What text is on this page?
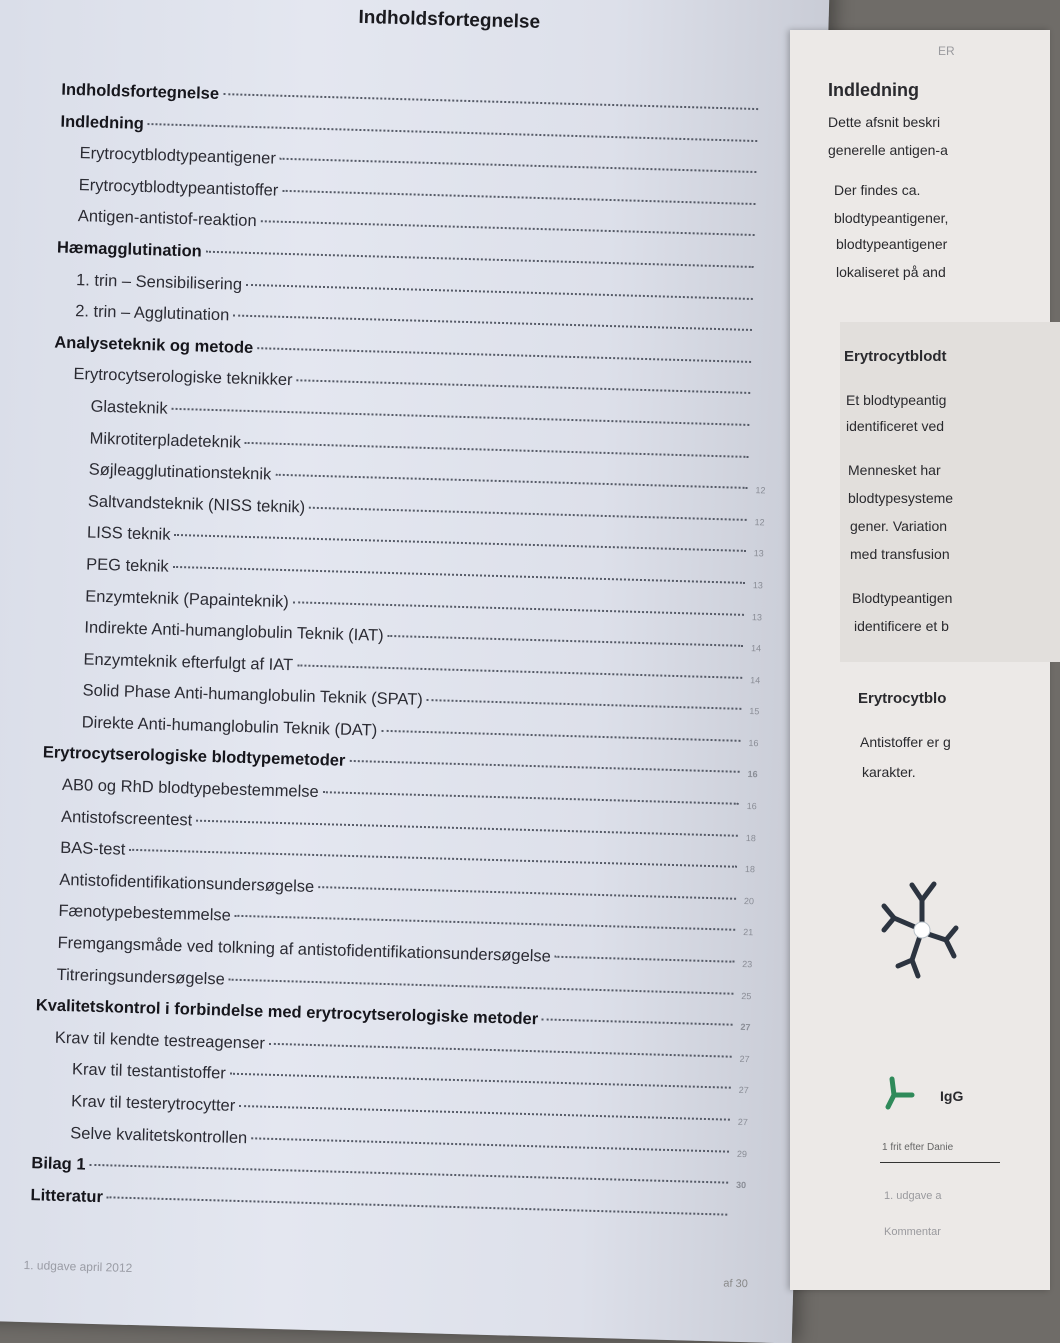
Indholdsfortegnelse
Indholdsfortegnelse
Indledning
Erytrocytblodtypeantigener
Erytrocytblodtypeantistoffer
Antigen-antistof-reaktion
Hæmagglutination
1. trin – Sensibilisering
2. trin – Agglutination
Analyseteknik og metode
Erytrocytserologiske teknikker
Glasteknik
Mikrotiterpladeteknik
Søjleagglutinationsteknik
12
Saltvandsteknik (NISS teknik)
12
LISS teknik
13
PEG teknik
13
Enzymteknik (Papainteknik)
13
Indirekte Anti-humanglobulin Teknik (IAT)
14
Enzymteknik efterfulgt af IAT
14
Solid Phase Anti-humanglobulin Teknik (SPAT)
15
Direkte Anti-humanglobulin Teknik (DAT)
16
Erytrocytserologiske blodtypemetoder
16
AB0 og RhD blodtypebestemmelse
16
Antistofscreentest
18
BAS-test
18
Antistofidentifikationsundersøgelse
20
Fænotypebestemmelse
21
Fremgangsmåde ved tolkning af antistofidentifikationsundersøgelse	23
Titreringsundersøgelse
25
Kvalitetskontrol i forbindelse med erytrocytserologiske metoder	27
Krav til kendte testreagenser
27
Krav til testantistoffer
27
Krav til testerytrocytter
27
Selve kvalitetskontrollen
29
Bilag 1
30
Litteratur
1. udgave april 2012
af 30
ER
Indledning
Dette afsnit beskri
generelle antigen-a
Der findes ca.
blodtypeantigener,
blodtypeantigener
lokaliseret på and
Erytrocytblodt
Et blodtypeantig
identificeret ved
Mennesket har
blodtypesysteme
gener. Variation
med transfusion
Blodtypeantigen
identificere et b
Erytrocytblo
Antistoffer er g
karakter.
IgG
1 frit efter Danie
1. udgave a
Kommentar
